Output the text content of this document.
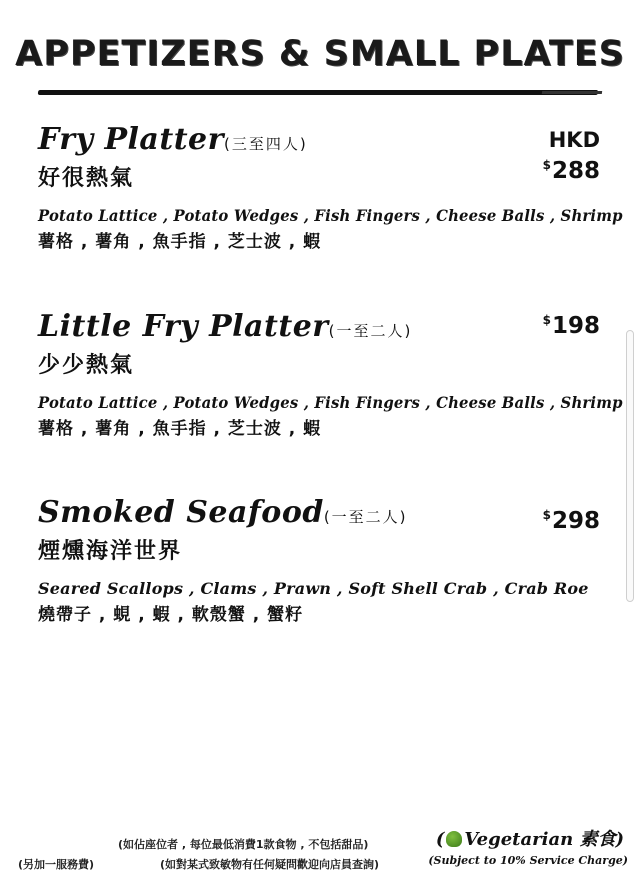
APPETIZERS & SMALL PLATES
HKD
Fry Platter(三至四人)
好很熱氣
Potato Lattice , Potato Wedges , Fish Fingers , Cheese Balls , Shrimp
薯格 , 薯角 , 魚手指 , 芝士波 , 蝦
$288
Little Fry Platter(一至二人)
少少熱氣
Potato Lattice , Potato Wedges , Fish Fingers , Cheese Balls , Shrimp
薯格 , 薯角 , 魚手指 , 芝士波 , 蝦
$198
Smoked Seafood(一至二人)
煙燻海洋世界
Seared Scallops , Clams , Prawn , Soft Shell Crab , Crab Roe
燒帶子 , 蜆 , 蝦 , 軟殼蟹 , 蟹籽
$298
(如佔座位者 , 每位最低消費1款食物 , 不包括甜品)
(另加一服務費)	(如對某式致敏物有任何疑問歡迎向店員查詢)
( Vegetarian 素食)
(Subject to 10% Service Charge)
